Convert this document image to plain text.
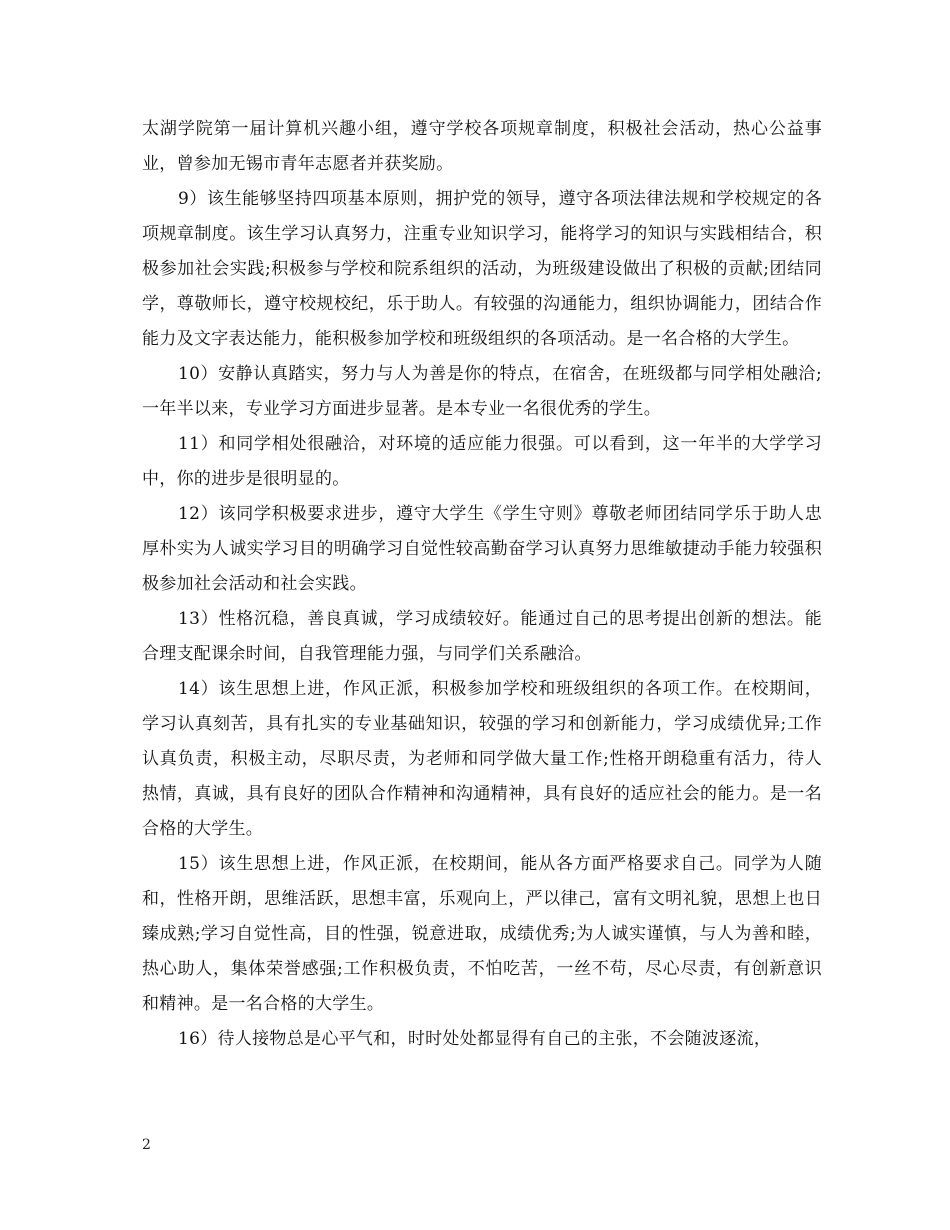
太湖学院第一届计算机兴趣小组，遵守学校各项规章制度，积极社会活动，热心公益事业，曾参加无锡市青年志愿者并获奖励。

9）该生能够坚持四项基本原则，拥护党的领导，遵守各项法律法规和学校规定的各项规章制度。该生学习认真努力，注重专业知识学习，能将学习的知识与实践相结合，积极参加社会实践;积极参与学校和院系组织的活动，为班级建设做出了积极的贡献;团结同学，尊敬师长，遵守校规校纪，乐于助人。有较强的沟通能力，组织协调能力，团结合作能力及文字表达能力，能积极参加学校和班级组织的各项活动。是一名合格的大学生。

10）安静认真踏实，努力与人为善是你的特点，在宿舍，在班级都与同学相处融洽;一年半以来，专业学习方面进步显著。是本专业一名很优秀的学生。

11）和同学相处很融洽，对环境的适应能力很强。可以看到，这一年半的大学学习中，你的进步是很明显的。

12）该同学积极要求进步，遵守大学生《学生守则》尊敬老师团结同学乐于助人忠厚朴实为人诚实学习目的明确学习自觉性较高勤奋学习认真努力思维敏捷动手能力较强积极参加社会活动和社会实践。

13）性格沉稳，善良真诚，学习成绩较好。能通过自己的思考提出创新的想法。能合理支配课余时间，自我管理能力强，与同学们关系融洽。

14）该生思想上进，作风正派，积极参加学校和班级组织的各项工作。在校期间，学习认真刻苦，具有扎实的专业基础知识，较强的学习和创新能力，学习成绩优异;工作认真负责，积极主动，尽职尽责，为老师和同学做大量工作;性格开朗稳重有活力，待人热情，真诚，具有良好的团队合作精神和沟通精神，具有良好的适应社会的能力。是一名合格的大学生。

15）该生思想上进，作风正派，在校期间，能从各方面严格要求自己。同学为人随和，性格开朗，思维活跃，思想丰富，乐观向上，严以律己，富有文明礼貌，思想上也日臻成熟;学习自觉性高，目的性强，锐意进取，成绩优秀;为人诚实谨慎，与人为善和睦，热心助人，集体荣誉感强;工作积极负责，不怕吃苦，一丝不苟，尽心尽责，有创新意识和精神。是一名合格的大学生。

16）待人接物总是心平气和，时时处处都显得有自己的主张，不会随波逐流，

2
